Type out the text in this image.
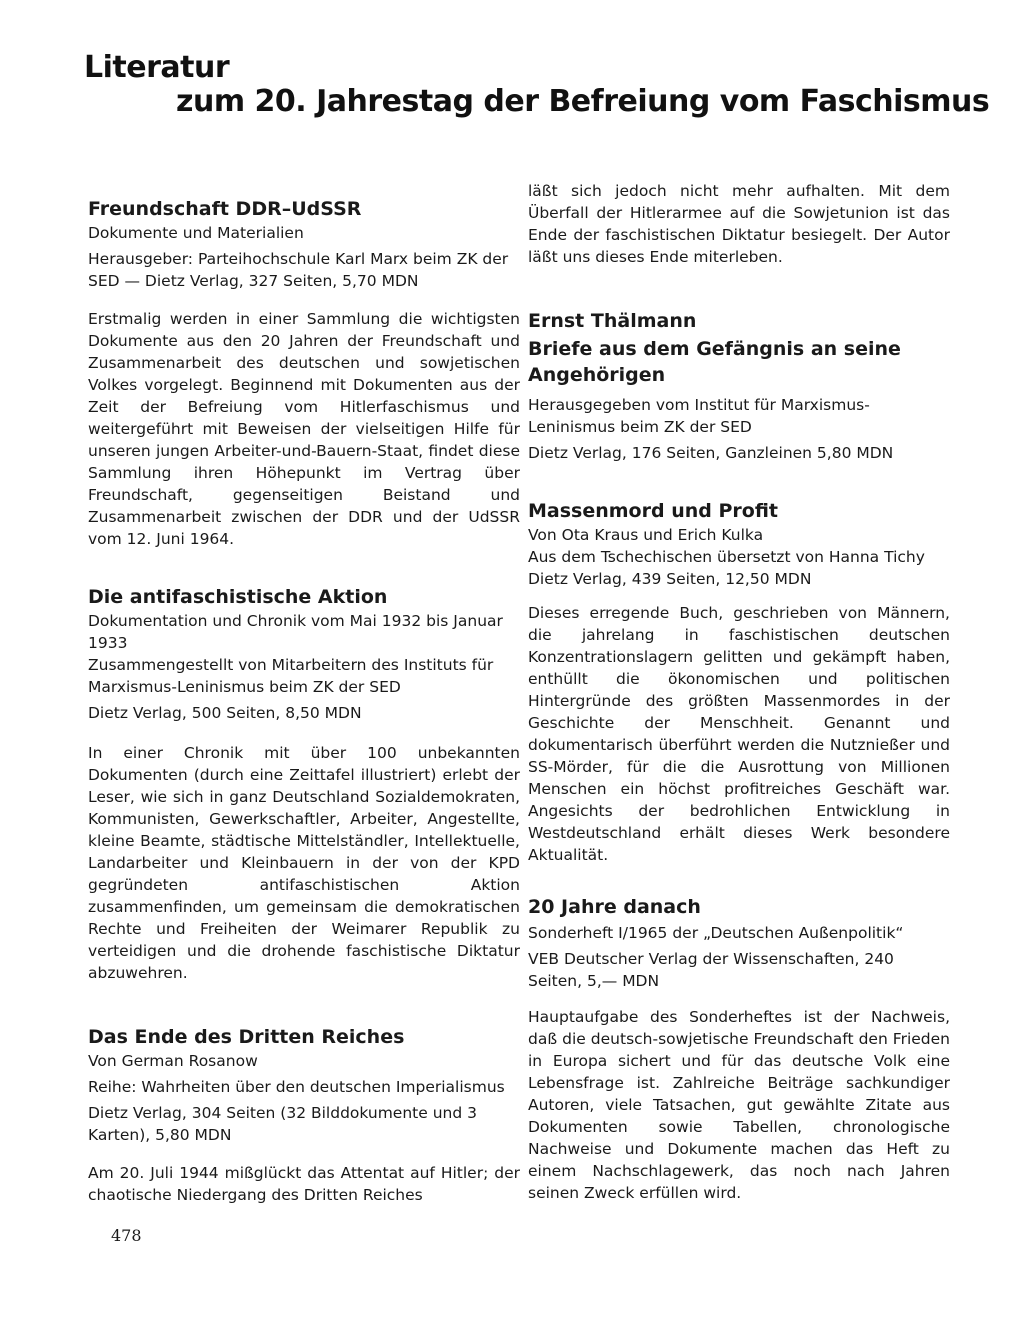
Literatur
zum 20. Jahrestag der Befreiung vom Faschismus
Freundschaft DDR–UdSSR

Dokumente und Materialien

Herausgeber: Parteihochschule Karl Marx beim ZK der SED — Dietz Verlag, 327 Seiten, 5,70 MDN

Erstmalig werden in einer Sammlung die wichtigsten Dokumente aus den 20 Jahren der Freundschaft und Zusammenarbeit des deutschen und sowjetischen Volkes vorgelegt. Beginnend mit Dokumenten aus der Zeit der Befreiung vom Hitlerfaschismus und weitergeführt mit Beweisen der vielseitigen Hilfe für unseren jungen Arbeiter-und-Bauern-Staat, findet diese Sammlung ihren Höhepunkt im Vertrag über Freundschaft, gegenseitigen Beistand und Zusammenarbeit zwischen der DDR und der UdSSR vom 12. Juni 1964.

Die antifaschistische Aktion

Dokumentation und Chronik vom Mai 1932 bis Januar 1933

Zusammengestellt von Mitarbeitern des Instituts für Marxismus-Leninismus beim ZK der SED

Dietz Verlag, 500 Seiten, 8,50 MDN

In einer Chronik mit über 100 unbekannten Dokumenten (durch eine Zeittafel illustriert) erlebt der Leser, wie sich in ganz Deutschland Sozialdemokraten, Kommunisten, Gewerkschaftler, Arbeiter, Angestellte, kleine Beamte, städtische Mittelständler, Intellektuelle, Landarbeiter und Kleinbauern in der von der KPD gegründeten antifaschistischen Aktion zusammenfinden, um gemeinsam die demokratischen Rechte und Freiheiten der Weimarer Republik zu verteidigen und die drohende faschistische Diktatur abzuwehren.

Das Ende des Dritten Reiches

Von German Rosanow

Reihe: Wahrheiten über den deutschen Imperialismus

Dietz Verlag, 304 Seiten (32 Bilddokumente und 3 Karten), 5,80 MDN

Am 20. Juli 1944 mißglückt das Attentat auf Hitler; der chaotische Niedergang des Dritten Reiches

läßt sich jedoch nicht mehr aufhalten. Mit dem Überfall der Hitlerarmee auf die Sowjetunion ist das Ende der faschistischen Diktatur besiegelt. Der Autor läßt uns dieses Ende miterleben.

Ernst Thälmann

Briefe aus dem Gefängnis an seine Angehörigen

Herausgegeben vom Institut für Marxismus-Leninismus beim ZK der SED

Dietz Verlag, 176 Seiten, Ganzleinen 5,80 MDN

Massenmord und Profit

Von Ota Kraus und Erich Kulka

Aus dem Tschechischen übersetzt von Hanna Tichy

Dietz Verlag, 439 Seiten, 12,50 MDN

Dieses erregende Buch, geschrieben von Männern, die jahrelang in faschistischen deutschen Konzentrationslagern gelitten und gekämpft haben, enthüllt die ökonomischen und politischen Hintergründe des größten Massenmordes in der Geschichte der Menschheit. Genannt und dokumentarisch überführt werden die Nutznießer und SS-Mörder, für die die Ausrottung von Millionen Menschen ein höchst profitreiches Geschäft war. Angesichts der bedrohlichen Entwicklung in Westdeutschland erhält dieses Werk besondere Aktualität.

20 Jahre danach

Sonderheft I/1965 der „Deutschen Außenpolitik“

VEB Deutscher Verlag der Wissenschaften, 240 Seiten, 5,— MDN

Hauptaufgabe des Sonderheftes ist der Nachweis, daß die deutsch-sowjetische Freundschaft den Frieden in Europa sichert und für das deutsche Volk eine Lebensfrage ist. Zahlreiche Beiträge sachkundiger Autoren, viele Tatsachen, gut gewählte Zitate aus Dokumenten sowie Tabellen, chronologische Nachweise und Dokumente machen das Heft zu einem Nachschlagewerk, das noch nach Jahren seinen Zweck erfüllen wird.

478
